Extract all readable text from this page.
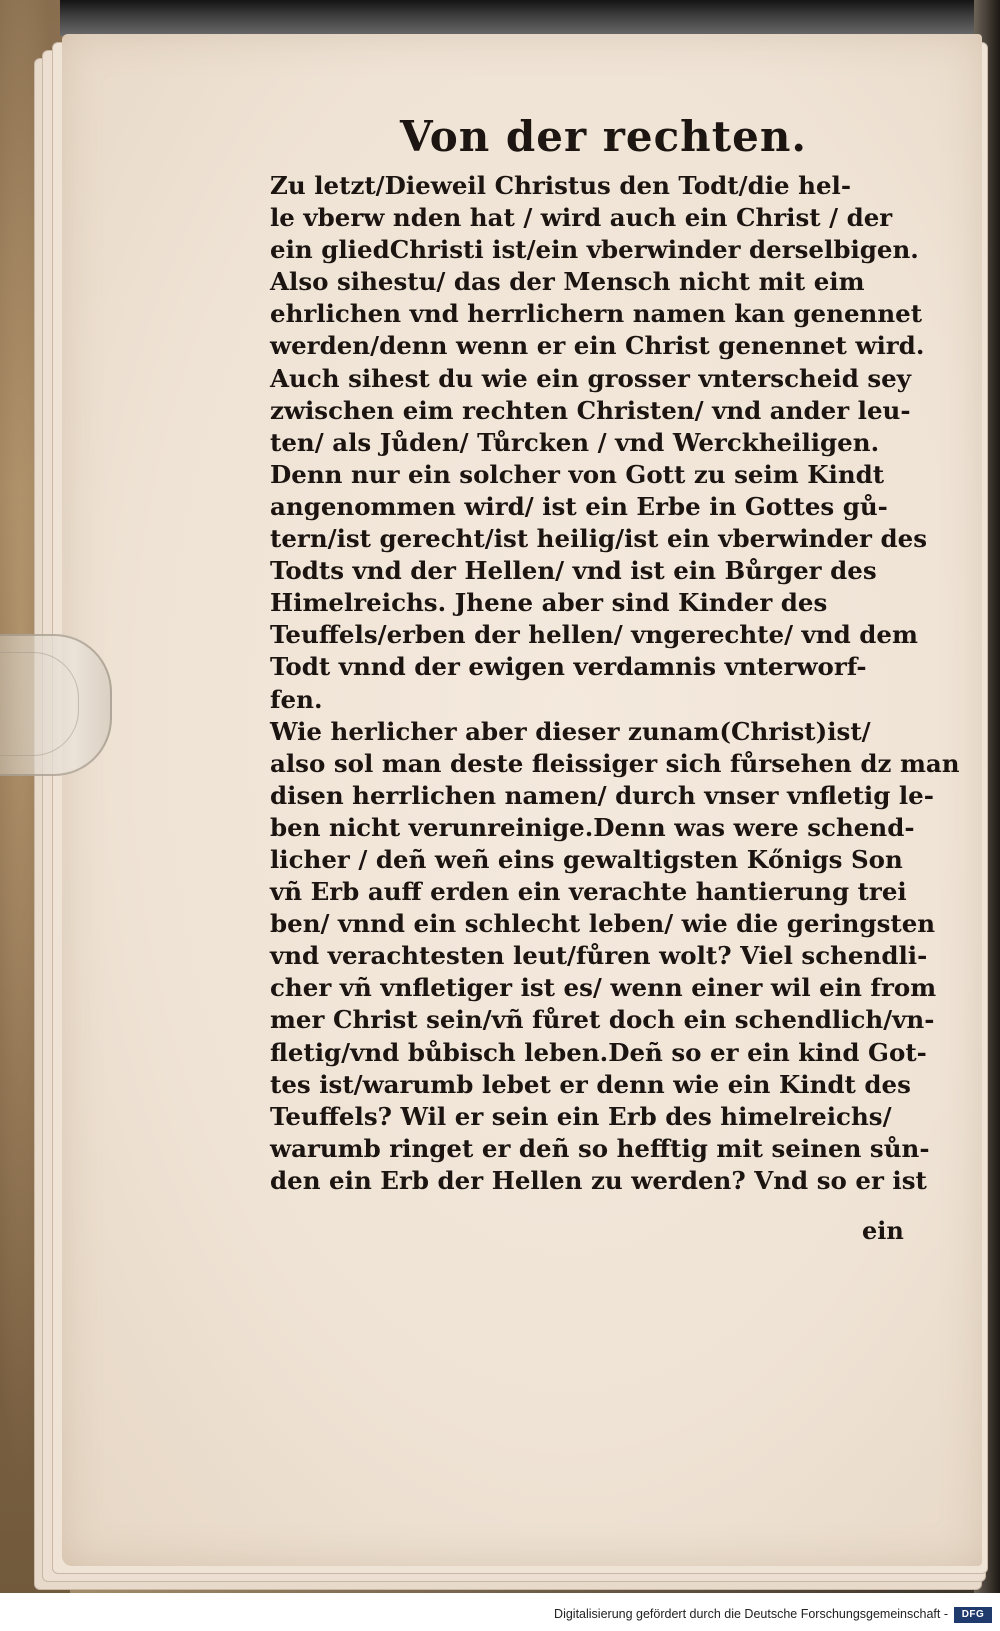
Von der rechten.
Zu letzt/Dieweil Christus den Todt/die hel-
le vberw nden hat / wird auch ein Christ / der
ein gliedChristi ist/ein vberwinder derselbigen.
Also sihestu/ das der Mensch nicht mit eim
ehrlichen vnd herrlichern namen kan genennet
werden/denn wenn er ein Christ genennet wird.
Auch sihest du wie ein grosser vnterscheid sey
zwischen eim rechten Christen/ vnd ander leu-
ten/ als Jůden/ Tůrcken / vnd Werckheiligen.
Denn nur ein solcher von Gott zu seim Kindt
angenommen wird/ ist ein Erbe in Gottes gů-
tern/ist gerecht/ist heilig/ist ein vberwinder des
Todts vnd der Hellen/ vnd ist ein Bůrger des
Himelreichs. Jhene aber sind Kinder des
Teuffels/erben der hellen/ vngerechte/ vnd dem
Todt vnnd der ewigen verdamnis vnterworf-
fen.
Wie herlicher aber dieser zunam(Christ)ist/
also sol man deste fleissiger sich fůrsehen dz man
disen herrlichen namen/ durch vnser vnfletig le-
ben nicht verunreinige.Denn was were schend-
licher / deñ weñ eins gewaltigsten Kőnigs Son
vñ Erb auff erden ein verachte hantierung trei
ben/ vnnd ein schlecht leben/ wie die geringsten
vnd verachtesten leut/fůren wolt? Viel schendli-
cher vñ vnfletiger ist es/ wenn einer wil ein from
mer Christ sein/vñ fůret doch ein schendlich/vn-
fletig/vnd bůbisch leben.Deñ so er ein kind Got-
tes ist/warumb lebet er denn wie ein Kindt des
Teuffels? Wil er sein ein Erb des himelreichs/
warumb ringet er deñ so hefftig mit seinen sůn-
den ein Erb der Hellen zu werden? Vnd so er ist
ein
Digitalisierung gefördert durch die Deutsche Forschungsgemeinschaft -	DFG
